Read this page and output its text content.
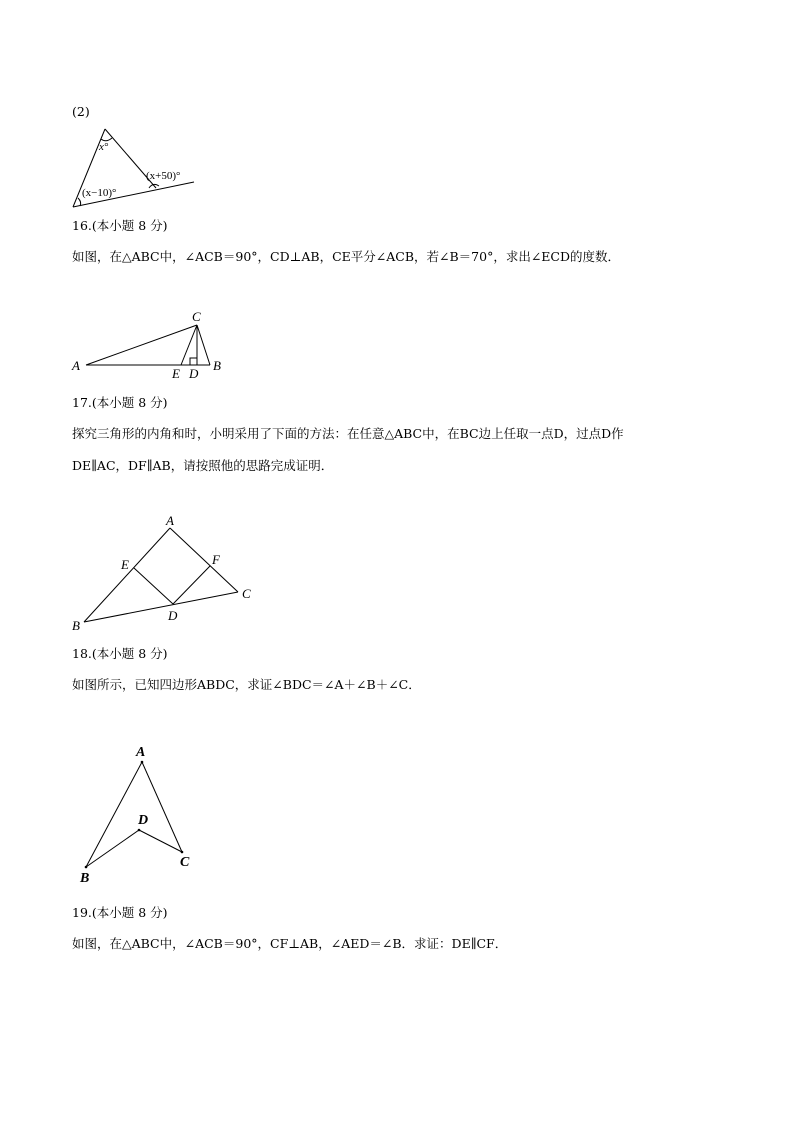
(2)
x°
(x−10)°
(x+50)°
16.(本小题 8 分)
如图，在△ABC中，∠ACB＝90°，CD⊥AB，CE平分∠ACB，若∠B＝70°，求出∠ECD的度数．
C
A	B
E D
17.(本小题 8 分)
探究三角形的内角和时，小明采用了下面的方法：在任意△ABC中，在BC边上任取一点D，过点D作
DE∥AC，DF∥AB，请按照他的思路完成证明．
A
E	F
C
D
B
18.(本小题 8 分)
如图所示，已知四边形ABDC，求证∠BDC＝∠A＋∠B＋∠C．
A
D
C
B
19.(本小题 8 分)
如图，在△ABC中，∠ACB＝90°，CF⊥AB，∠AED＝∠B．求证：DE∥CF．
